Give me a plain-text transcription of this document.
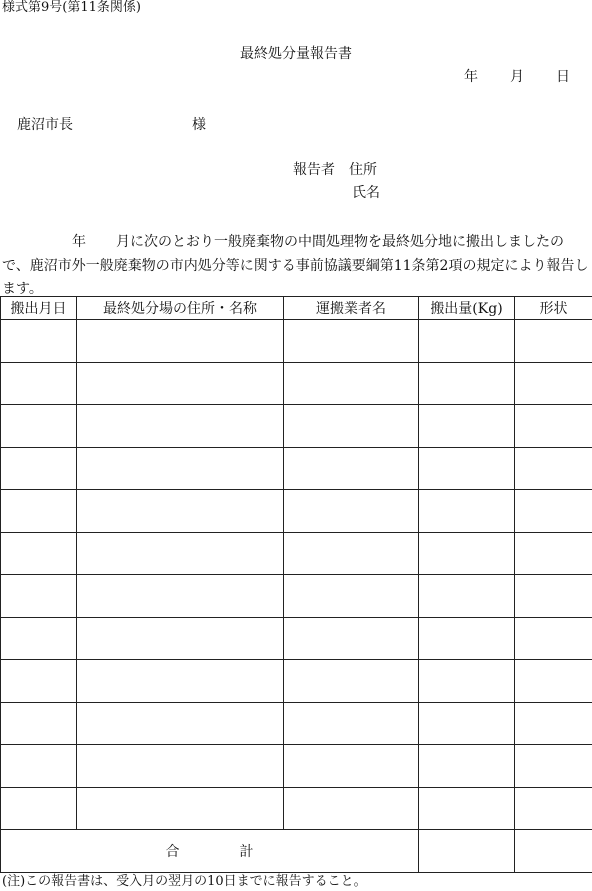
様式第9号(第11条関係)
最終処分量報告書
年 月 日
鹿沼市長	様
報告者 住所
氏名
年 月に次のとおり一般廃棄物の中間処理物を最終処分地に搬出しましたので、鹿沼市外一般廃棄物の市内処分等に関する事前協議要綱第11条第2項の規定により報告します。
搬出月日	最終処分場の住所・名称	運搬業者名	搬出量(Kg)	形状

合 計				
(注)この報告書は、受入月の翌月の10日までに報告すること。
